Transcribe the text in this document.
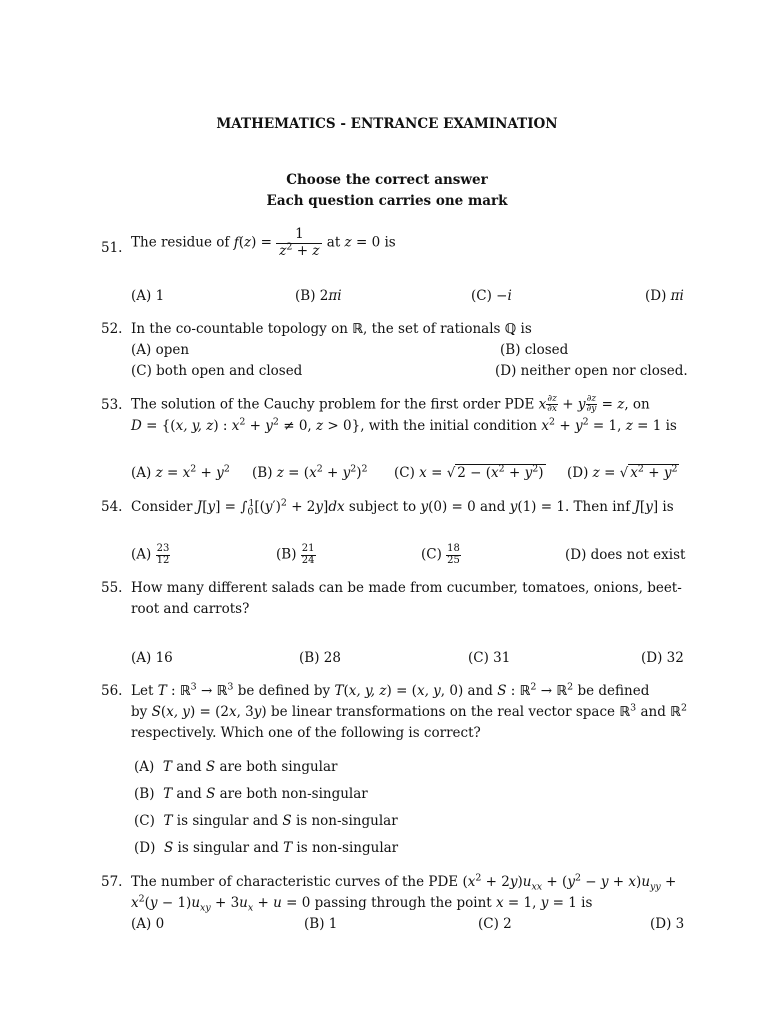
MATHEMATICS - ENTRANCE EXAMINATION
Choose the correct answer
Each question carries one mark
51. The residue of $f(z) = \frac{1}{z^2 + z}$ at z = 0 is
(A) 1	(B) 2πi	(C) −i	(D) πi
52. In the co-countable topology on ℝ, the set of rationals ℚ is
(A) open	(B) closed
(C) both open and closed	(D) neither open nor closed.
53. The solution of the Cauchy problem for the first order PDE x $\frac{\partial z}{\partial x} + y \frac{\partial z}{\partial y} = z$, on
D = {(x, y, z) : $x^2 + y^2 \ne 0$, z > 0}, with the initial condition $x^2 + y^2 = 1$, z = 1 is
(A) $z = x^2 + y^2$ (B) $z = (x^2 + y^2)^2$ (C) x = √ $2 - (x^2 + y^2)$ (D) z = √ $x^2 + y^2$
54. Consider $J[y] = \int_0^1[(y')^2 + 2y]dx$ subject to y(0) = 0 and y(1) = 1. Then inf J[y] is
$(A) \frac{23}{12}$	$(B) \frac{21}{24}$	$(C) \frac{18}{25}$	(D) does not exist
55. How many different salads can be made from cucumber, tomatoes, onions, beet-
root and carrots?
(A) 16	(B) 28	(C) 31	(D) 32
56. Let T : ℝ$^3$ → ℝ$^3$ be defined by T(x, y, z) = (x, y, 0) and S : ℝ$^2$ → ℝ$^2$ be defined
by S(x, y) = (2x, 3y) be linear transformations on the real vector space ℝ$^3$ and ℝ$^2$
respectively. Which one of the following is correct?
(A) T and S are both singular
(B) T and S are both non-singular
(C) T is singular and S is non-singular
(D) S is singular and T is non-singular
57. The number of characteristic curves of the PDE $(x^2 + 2y)u_{xx} + (y^2 - y + x)u_{yy}$ +
$x^2(y - 1)u_{xy} + 3u_x + u = 0$ passing through the point x = 1, y = 1 is
(A) 0	(B) 1	(C) 2	(D) 3
